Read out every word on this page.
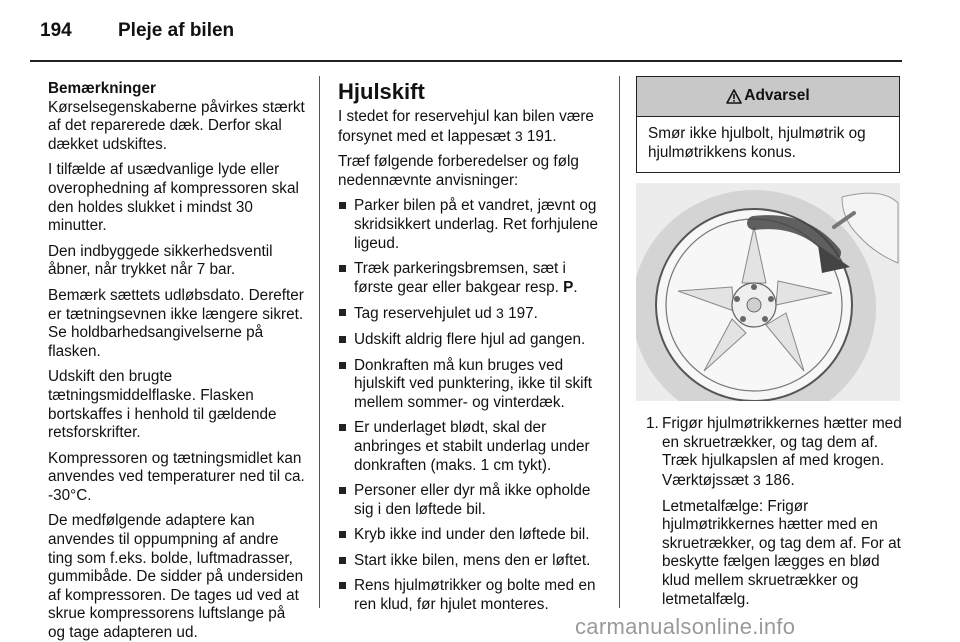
194 Pleje af bilen
Bemærkninger

Kørselsegenskaberne påvirkes stærkt af det reparerede dæk. Derfor skal dækket udskiftes.

I tilfælde af usædvanlige lyde eller overophedning af kompressoren skal den holdes slukket i mindst 30 minutter.

Den indbyggede sikkerhedsventil åbner, når trykket når 7 bar.

Bemærk sættets udløbsdato. Derefter er tætningsevnen ikke længere sikret. Se holdbarhedsangivelserne på flasken.

Udskift den brugte tætningsmiddelflaske. Flasken bortskaffes i henhold til gældende retsforskrifter.

Kompressoren og tætningsmidlet kan anvendes ved temperaturer ned til ca. -30°C.

De medfølgende adaptere kan anvendes til oppumpning af andre ting som f.eks. bolde, luftmadrasser, gummibåde. De sidder på undersiden af kompressoren. De tages ud ved at skrue kompressorens luftslange på og tage adapteren ud.

Hjulskift

I stedet for reservehjul kan bilen være forsynet med et lappesæt 3 191.

Træf følgende forberedelser og følg nedennævnte anvisninger:

Parker bilen på et vandret, jævnt og skridsikkert underlag. Ret forhjulene ligeud.
Træk parkeringsbremsen, sæt i første gear eller bakgear resp. P.
Tag reservehjulet ud 3 197.
Udskift aldrig flere hjul ad gangen.
Donkraften må kun bruges ved hjulskift ved punktering, ikke til skift mellem sommer- og vinterdæk.
Er underlaget blødt, skal der anbringes et stabilt underlag under donkraften (maks. 1 cm tykt).
Personer eller dyr må ikke opholde sig i den løftede bil.
Kryb ikke ind under den løftede bil.
Start ikke bilen, mens den er løftet.
Rens hjulmøtrikker og bolte med en ren klud, før hjulet monteres.
Advarsel
Smør ikke hjulbolt, hjulmøtrik og hjulmøtrikkens konus.
1. Frigør hjulmøtrikkernes hætter med en skruetrækker, og tag dem af. Træk hjulkapslen af med krogen. Værktøjssæt 3 186.

Letmetalfælge: Frigør hjulmøtrikkernes hætter med en skruetrækker, og tag dem af. For at beskytte fælgen lægges en blød klud mellem skruetrækker og letmetalfælg.

carmanualsonline.info
